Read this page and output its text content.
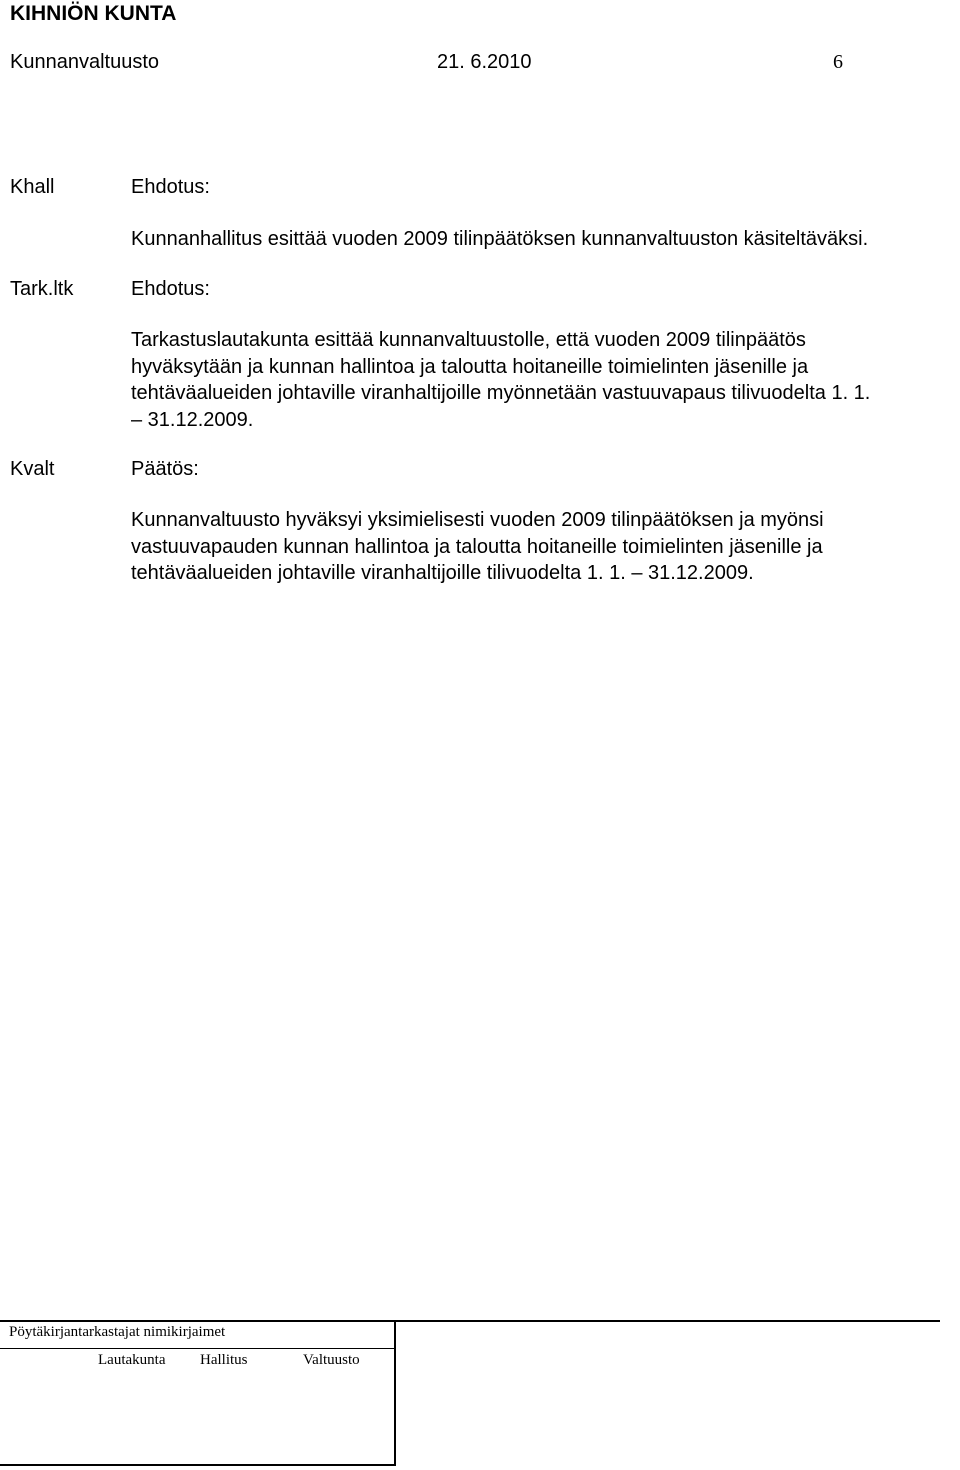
KIHNIÖN KUNTA
Kunnanvaltuusto	21. 6.2010	6
Khall	Ehdotus:
Kunnanhallitus esittää vuoden 2009 tilinpäätöksen kunnanvaltuuston käsiteltäväksi.
Tark.ltk	Ehdotus:
Tarkastuslautakunta esittää kunnanvaltuustolle, että vuoden 2009 tilinpäätös
hyväksytään ja kunnan hallintoa ja taloutta hoitaneille toimielinten jäsenille ja
tehtäväalueiden johtaville viranhaltijoille myönnetään vastuuvapaus tilivuodelta 1. 1.
– 31.12.2009.
Kvalt	Päätös:
Kunnanvaltuusto hyväksyi yksimielisesti vuoden 2009 tilinpäätöksen ja myönsi
vastuuvapauden kunnan hallintoa ja taloutta hoitaneille toimielinten jäsenille ja
tehtäväalueiden johtaville viranhaltijoille tilivuodelta 1. 1. – 31.12.2009.
Pöytäkirjantarkastajat nimikirjaimet
Lautakunta Hallitus	Valtuusto
